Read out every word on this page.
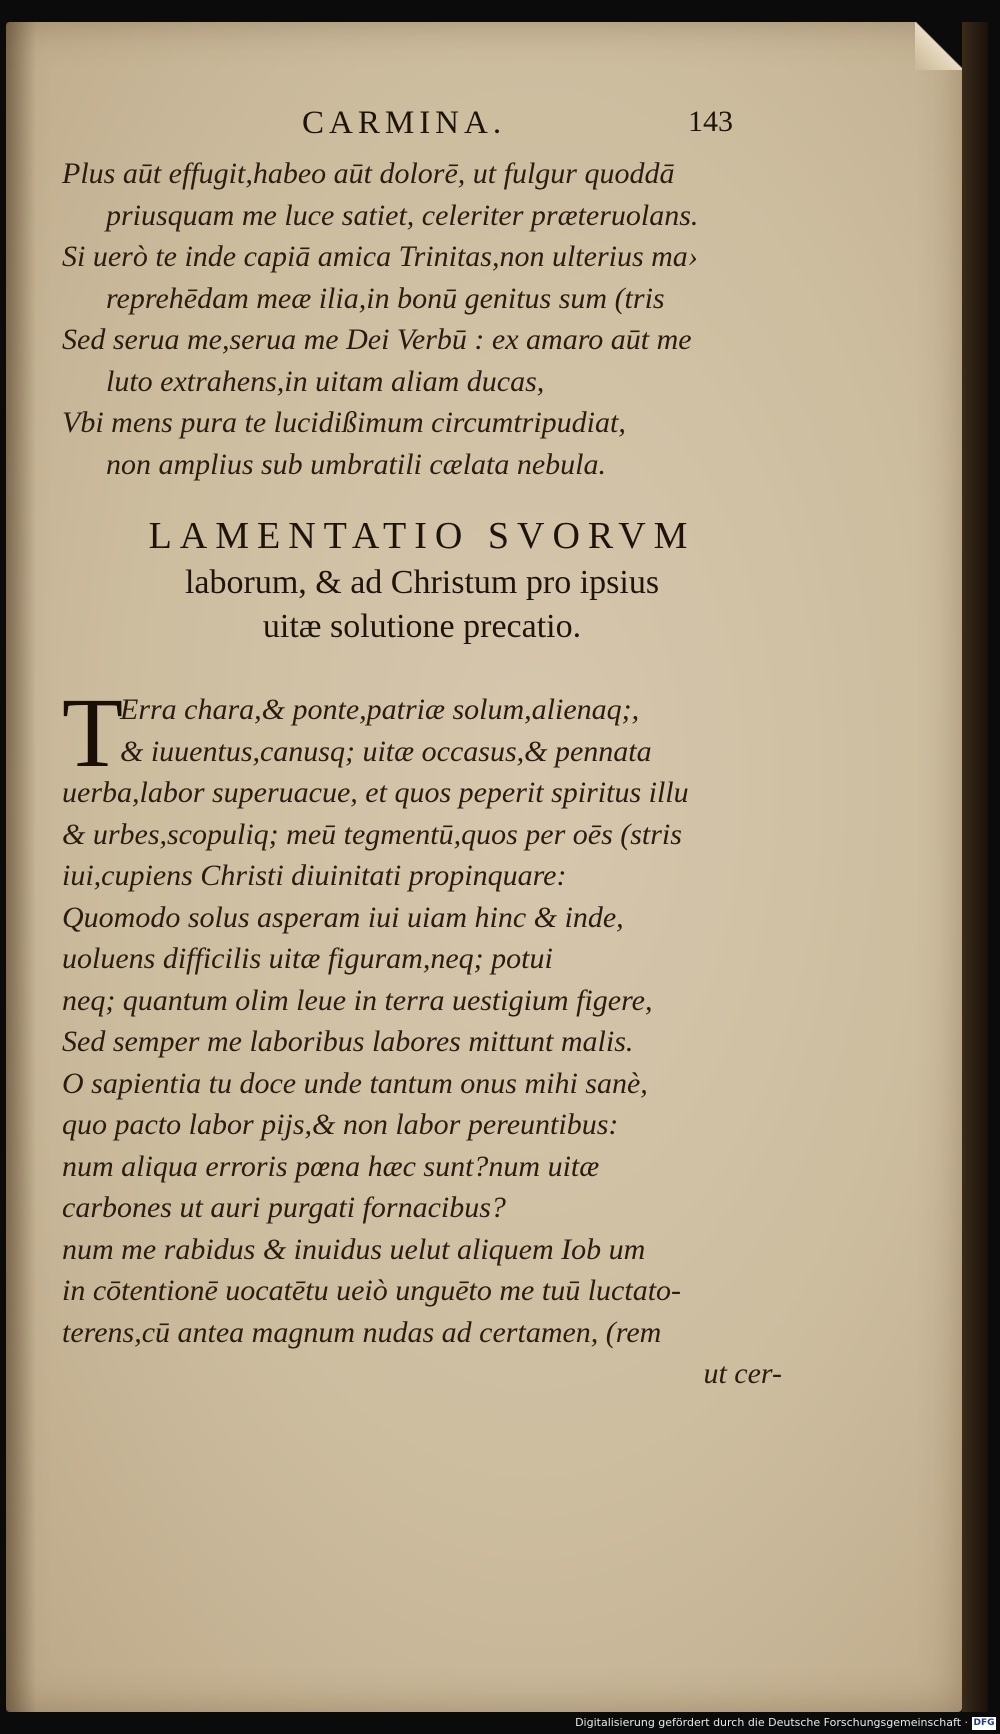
CARMINA.	143
Plus aūt effugit,habeo aūt dolorē, ut fulgur quoddā
priusquam me luce satiet, celeriter præteruolans.
Si uerò te inde capiā amica Trinitas,non ulterius ma›
reprehēdam meæ ilia,in bonū genitus sum (tris
Sed serua me,serua me Dei Verbū : ex amaro aūt me
luto extrahens,in uitam aliam ducas,
Vbi mens pura te lucidißimum circumtripudiat,
non amplius sub umbratili cælata nebula.
LAMENTATIO SVORVM
laborum, & ad Christum pro ipsius
uitæ solutione precatio.
T
Erra chara,& ponte,patriæ solum,alienaq;,
& iuuentus,canusq; uitæ occasus,& pennata
uerba,labor superuacue, et quos peperit spiritus illu
& urbes,scopuliq; meū tegmentū,quos per oēs (stris
iui,cupiens Christi diuinitati propinquare:
Quomodo solus asperam iui uiam hinc & inde,
uoluens difficilis uitæ figuram,neq; potui
neq; quantum olim leue in terra uestigium figere,
Sed semper me laboribus labores mittunt malis.
O sapientia tu doce unde tantum onus mihi sanè,
quo pacto labor pijs,& non labor pereuntibus:
num aliqua erroris pœna hæc sunt?num uitæ
carbones ut auri purgati fornacibus?
num me rabidus & inuidus uelut aliquem Iob um
in cōtentionē uocatētu ueiò unguēto me tuū luctato-
terens,cū antea magnum nudas ad certamen, (rem
ut cer-
Digitalisierung gefördert durch die Deutsche Forschungsgemeinschaft · DFG
